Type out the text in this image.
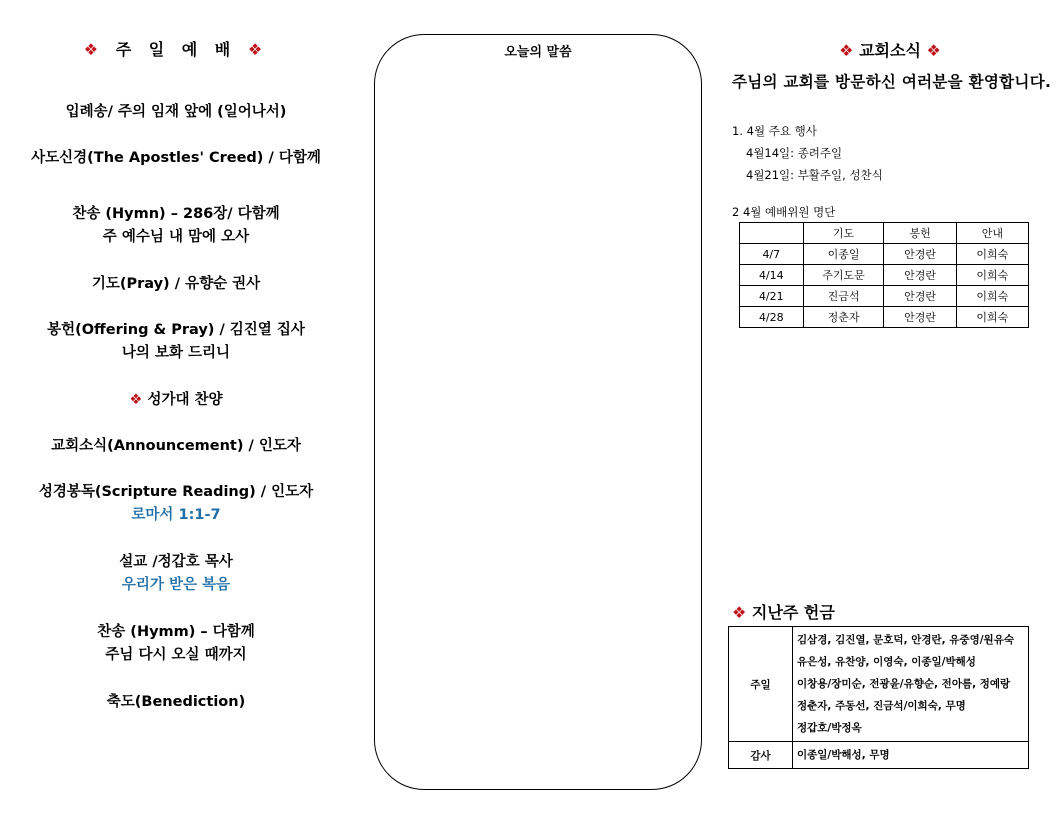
❖ 주 일 예 배 ❖
입례송/ 주의 임재 앞에 (일어나서)
사도신경(The Apostles' Creed) / 다함께
찬송 (Hymn) – 286장/ 다함께
주 예수님 내 맘에 오사
기도(Pray) / 유향순 권사
봉헌(Offering & Pray) / 김진열 집사
나의 보화 드리니
❖ 성가대 찬양
교회소식(Announcement) / 인도자
성경봉독(Scripture Reading) / 인도자
로마서 1:1-7
설교 /정갑호 목사
우리가 받은 복음
찬송 (Hymm) – 다함께
주님 다시 오실 때까지
축도(Benediction)
오늘의 말씀	❖ 교회소식 ❖
주님의 교회를 방문하신 여러분을 환영합니다.
1. 4월 주요 행사
4월14일: 종려주일
4월21일: 부활주일, 성찬식
2 4월 예배위원 명단
	기도	봉헌	안내
4/7	이종일	안경란	이희숙
4/14	주기도문	안경란	이희숙
4/21	진금석	안경란	이희숙
4/28	정춘자	안경란	이희숙
❖ 지난주 헌금
주일	김삼경, 김진열, 문호덕, 안경란, 유중영/원유숙
유은성, 유찬양, 이영숙, 이종일/박해성
이창용/장미순, 전광윤/유향순, 전아름, 정예랑
정춘자, 주동선, 진금석/이희숙, 무명
정갑호/박정옥

감사	이종일/박해성, 무명
